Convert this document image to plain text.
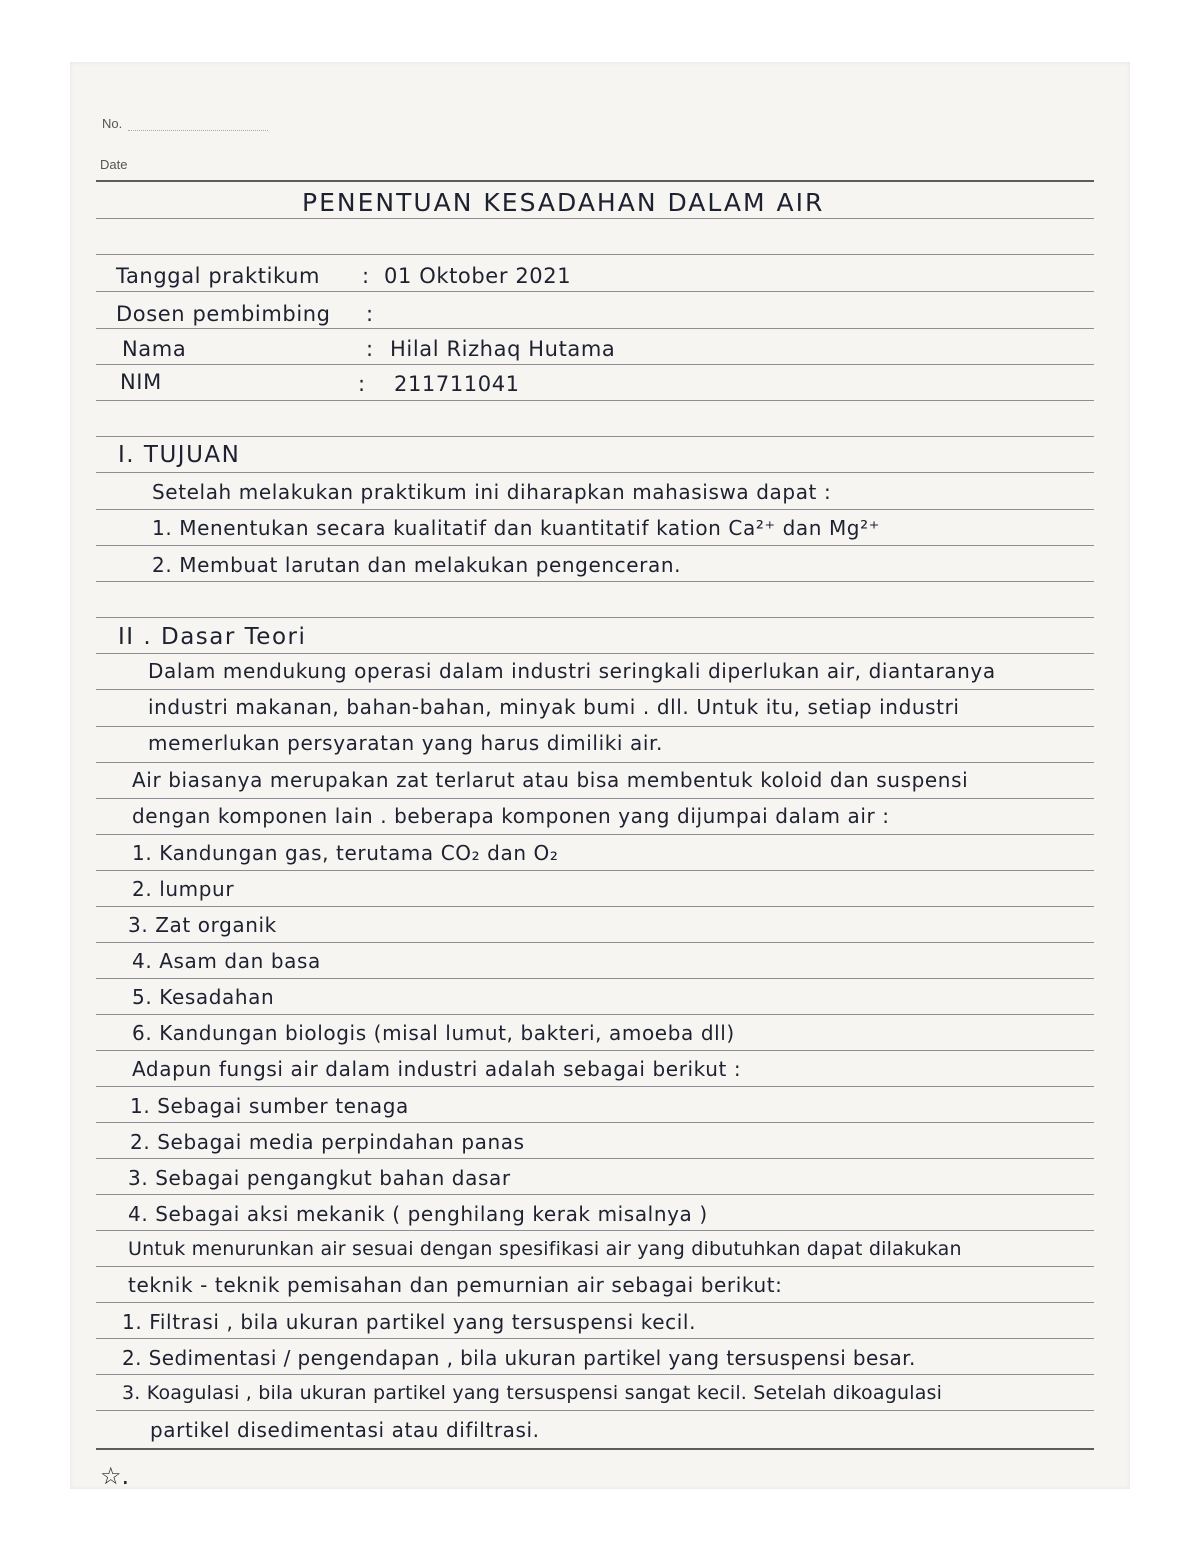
No.
Date
PENENTUAN KESADAHAN DALAM AIR
Tanggal praktikum : 01 Oktober 2021
Dosen pembimbing :
Nama	: Hilal Rizhaq Hutama
NIM	: 211711041
I. TUJUAN
Setelah melakukan praktikum ini diharapkan mahasiswa dapat :
1. Menentukan secara kualitatif dan kuantitatif kation Ca²⁺ dan Mg²⁺
2. Membuat larutan dan melakukan pengenceran.
II . Dasar Teori
Dalam mendukung operasi dalam industri seringkali diperlukan air, diantaranya
industri makanan, bahan-bahan, minyak bumi . dll. Untuk itu, setiap industri
memerlukan persyaratan yang harus dimiliki air.
Air biasanya merupakan zat terlarut atau bisa membentuk koloid dan suspensi
dengan komponen lain . beberapa komponen yang dijumpai dalam air :
1. Kandungan gas, terutama CO₂ dan O₂
2. lumpur
3. Zat organik
4. Asam dan basa
5. Kesadahan
6. Kandungan biologis (misal lumut, bakteri, amoeba dll)
Adapun fungsi air dalam industri adalah sebagai berikut :
1. Sebagai sumber tenaga
2. Sebagai media perpindahan panas
3. Sebagai pengangkut bahan dasar
4. Sebagai aksi mekanik ( penghilang kerak misalnya )
Untuk menurunkan air sesuai dengan spesifikasi air yang dibutuhkan dapat dilakukan
teknik - teknik pemisahan dan pemurnian air sebagai berikut:
1. Filtrasi , bila ukuran partikel yang tersuspensi kecil.
2. Sedimentasi / pengendapan , bila ukuran partikel yang tersuspensi besar.
3. Koagulasi , bila ukuran partikel yang tersuspensi sangat kecil. Setelah dikoagulasi
partikel disedimentasi atau difiltrasi.
☆.
